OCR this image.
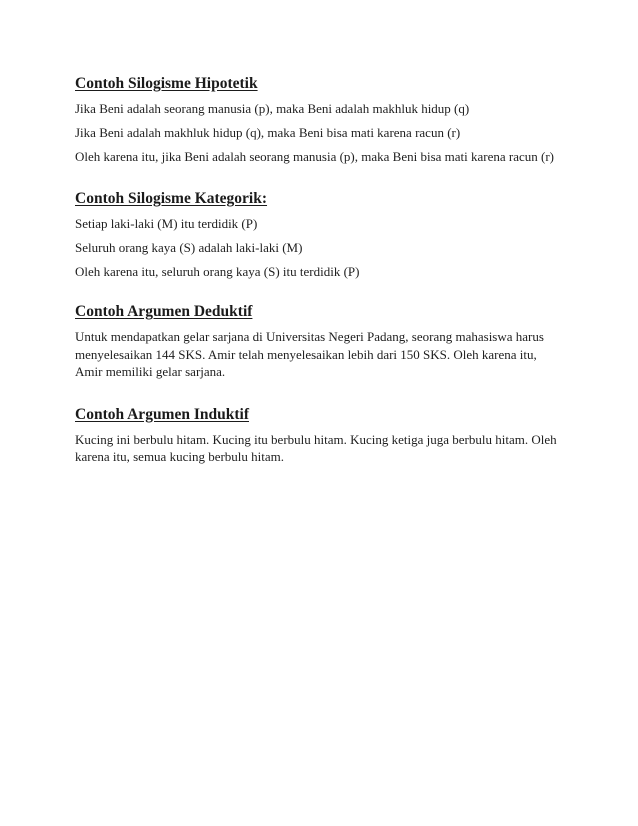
Contoh Silogisme Hipotetik
Jika Beni adalah seorang manusia (p), maka Beni adalah makhluk hidup (q)
Jika Beni adalah makhluk hidup (q), maka Beni bisa mati karena racun (r)
Oleh karena itu, jika Beni adalah seorang manusia (p), maka Beni bisa mati karena racun (r)
Contoh Silogisme Kategorik:
Setiap laki-laki (M) itu terdidik (P)
Seluruh orang kaya (S) adalah laki-laki (M)
Oleh karena itu, seluruh orang kaya (S) itu terdidik (P)
Contoh Argumen Deduktif

Untuk mendapatkan gelar sarjana di Universitas Negeri Padang, seorang mahasiswa harus menyelesaikan 144 SKS. Amir telah menyelesaikan lebih dari 150 SKS. Oleh karena itu, Amir memiliki gelar sarjana.

Contoh Argumen Induktif

Kucing ini berbulu hitam. Kucing itu berbulu hitam. Kucing ketiga juga berbulu hitam. Oleh karena itu, semua kucing berbulu hitam.
